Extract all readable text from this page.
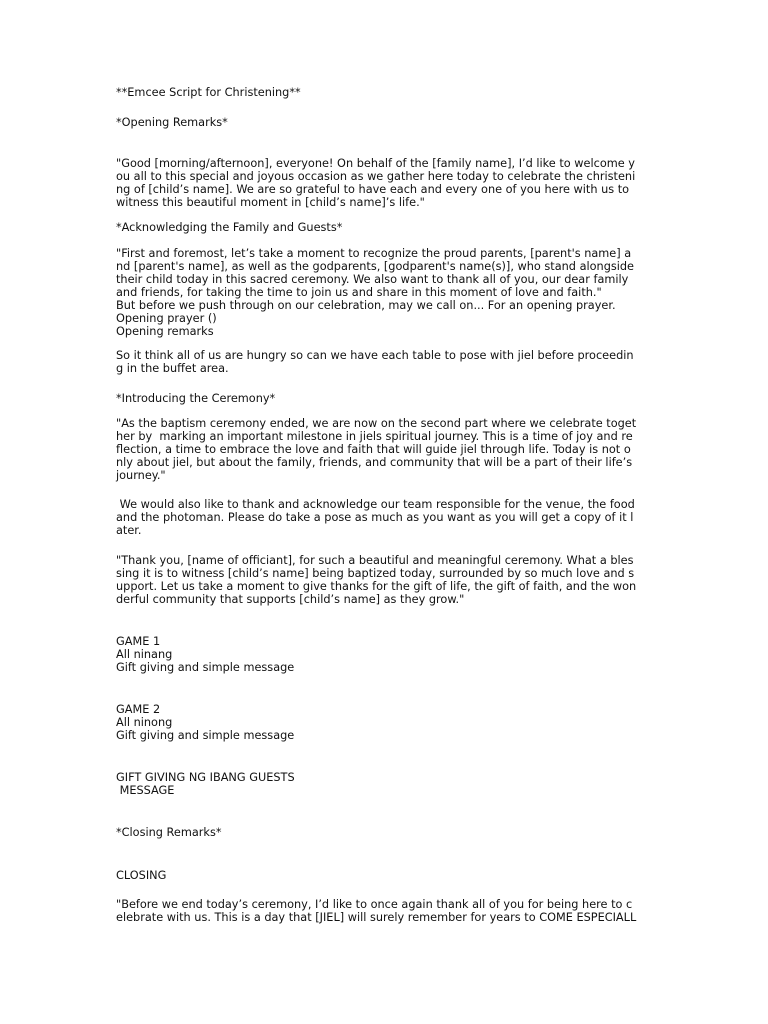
**Emcee Script for Christening**

*Opening Remarks*

"Good [morning/afternoon], everyone! On behalf of the [family name], I’d like to welcome y

ou all to this special and joyous occasion as we gather here today to celebrate the christeni

ng of [child’s name]. We are so grateful to have each and every one of you here with us to

witness this beautiful moment in [child’s name]’s life."

*Acknowledging the Family and Guests*

"First and foremost, let’s take a moment to recognize the proud parents, [parent's name] a

nd [parent's name], as well as the godparents, [godparent's name(s)], who stand alongside

their child today in this sacred ceremony. We also want to thank all of you, our dear family

and friends, for taking the time to join us and share in this moment of love and faith."

But before we push through on our celebration, may we call on... For an opening prayer.

Opening prayer ()

Opening remarks

So it think all of us are hungry so can we have each table to pose with jiel before proceedin

g in the buffet area.

*Introducing the Ceremony*

"As the baptism ceremony ended, we are now on the second part where we celebrate toget

her by  marking an important milestone in jiels spiritual journey. This is a time of joy and re

flection, a time to embrace the love and faith that will guide jiel through life. Today is not o

nly about jiel, but about the family, friends, and community that will be a part of their life’s

journey."

We would also like to thank and acknowledge our team responsible for the venue, the food

and the photoman. Please do take a pose as much as you want as you will get a copy of it l

ater.

"Thank you, [name of officiant], for such a beautiful and meaningful ceremony. What a bles

sing it is to witness [child’s name] being baptized today, surrounded by so much love and s

upport. Let us take a moment to give thanks for the gift of life, the gift of faith, and the won

derful community that supports [child’s name] as they grow."

GAME 1

All ninang

Gift giving and simple message

GAME 2

All ninong

Gift giving and simple message

GIFT GIVING NG IBANG GUESTS

MESSAGE

*Closing Remarks*

CLOSING

"Before we end today’s ceremony, I’d like to once again thank all of you for being here to c

elebrate with us. This is a day that [JIEL] will surely remember for years to COME ESPECIALL
